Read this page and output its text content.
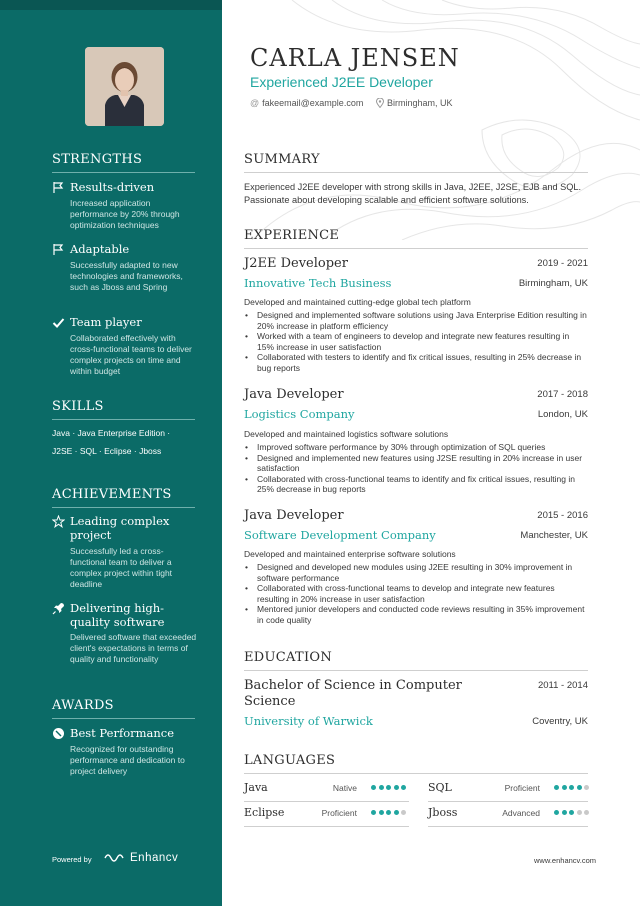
STRENGTHS
Results-driven
Increased application performance by 20% through optimization techniques
Adaptable
Successfully adapted to new technologies and frameworks, such as Jboss and Spring
Team player
Collaborated effectively with cross-functional teams to deliver complex projects on time and within budget
SKILLS
Java · Java Enterprise Edition ·
J2SE · SQL · Eclipse · Jboss
ACHIEVEMENTS
Leading complex project
Successfully led a cross-functional team to deliver a complex project within tight deadline
Delivering high-quality software
Delivered software that exceeded client's expectations in terms of quality and functionality
AWARDS
Best Performance
Recognized for outstanding performance and dedication to project delivery
Powered by	Enhancv
CARLA JENSEN
Experienced J2EE Developer
@ fakeemail@example.com	Birmingham, UK
SUMMARY
Experienced J2EE developer with strong skills in Java, J2EE, J2SE, EJB and SQL. Passionate about developing scalable and efficient software solutions.
EXPERIENCE
J2EE Developer	2019 - 2021
Innovative Tech Business	Birmingham, UK
Developed and maintained cutting-edge global tech platform
• Designed and implemented software solutions using Java Enterprise Edition resulting in 20% increase in platform efficiency
• Worked with a team of engineers to develop and integrate new features resulting in 15% increase in user satisfaction
• Collaborated with testers to identify and fix critical issues, resulting in 25% decrease in bug reports
Java Developer	2017 - 2018
Logistics Company	London, UK
Developed and maintained logistics software solutions
• Improved software performance by 30% through optimization of SQL queries
• Designed and implemented new features using J2SE resulting in 20% increase in user satisfaction
• Collaborated with cross-functional teams to identify and fix critical issues, resulting in 25% decrease in bug reports
Java Developer	2015 - 2016
Software Development Company	Manchester, UK
Developed and maintained enterprise software solutions
• Designed and developed new modules using J2EE resulting in 30% improvement in software performance
• Collaborated with cross-functional teams to develop and integrate new features resulting in 20% increase in user satisfaction
• Mentored junior developers and conducted code reviews resulting in 35% improvement in code quality
EDUCATION
Bachelor of Science in Computer Science
2011 - 2014
University of Warwick	Coventry, UK
LANGUAGES
Java	Native	SQL	Proficient
Eclipse	Proficient	Jboss	Advanced
www.enhancv.com
